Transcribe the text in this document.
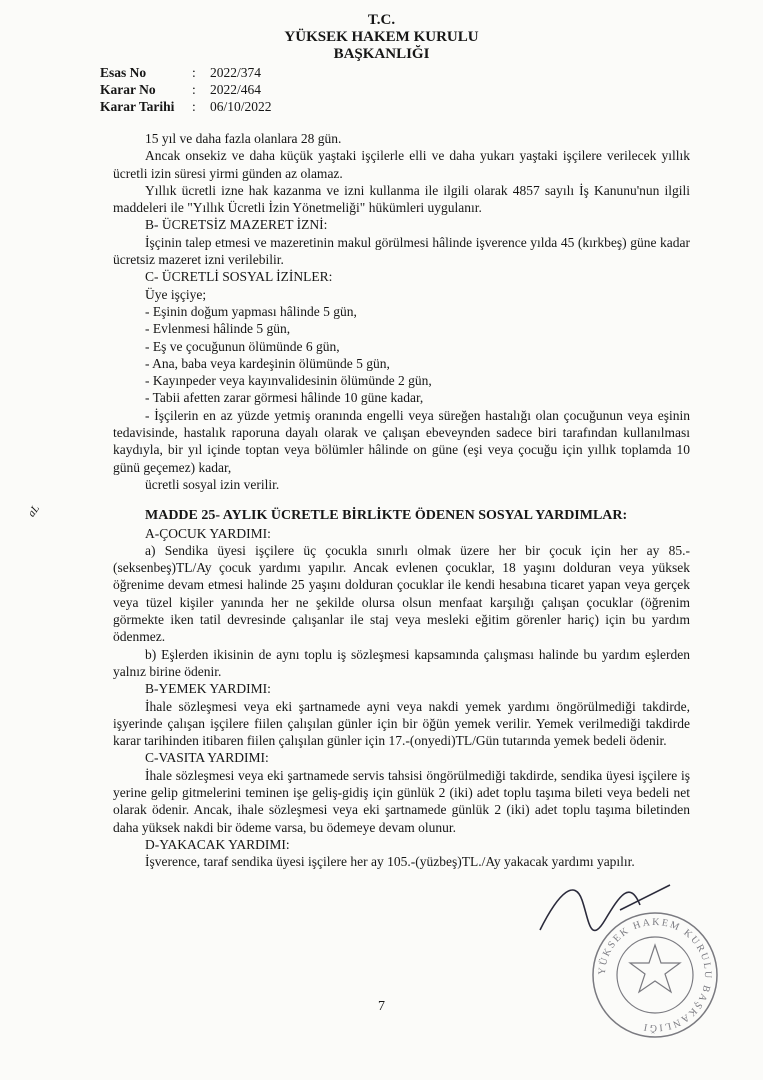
T.C.
YÜKSEK HAKEM KURULU
BAŞKANLIĞI
Esas No	:	2022/374
Karar No	:	2022/464
Karar Tarihi	:	06/10/2022

15 yıl ve daha fazla olanlara 28 gün.

Ancak onsekiz ve daha küçük yaştaki işçilerle elli ve daha yukarı yaştaki işçilere verilecek yıllık ücretli izin süresi yirmi günden az olamaz.

Yıllık ücretli izne hak kazanma ve izni kullanma ile ilgili olarak 4857 sayılı İş Kanunu'nun ilgili maddeleri ile "Yıllık Ücretli İzin Yönetmeliği" hükümleri uygulanır.

B- ÜCRETSİZ MAZERET İZNİ:

İşçinin talep etmesi ve mazeretinin makul görülmesi hâlinde işverence yılda 45 (kırkbeş) güne kadar ücretsiz mazeret izni verilebilir.

C- ÜCRETLİ SOSYAL İZİNLER:

Üye işçiye;

- Eşinin doğum yapması hâlinde 5 gün,

- Evlenmesi hâlinde 5 gün,

- Eş ve çocuğunun ölümünde 6 gün,

- Ana, baba veya kardeşinin ölümünde 5 gün,

- Kayınpeder veya kayınvalidesinin ölümünde 2 gün,

- Tabii afetten zarar görmesi hâlinde 10 güne kadar,

- İşçilerin en az yüzde yetmiş oranında engelli veya süreğen hastalığı olan çocuğunun veya eşinin tedavisinde, hastalık raporuna dayalı olarak ve çalışan ebeveynden sadece biri tarafından kullanılması kaydıyla, bir yıl içinde toptan veya bölümler hâlinde on güne (eşi veya çocuğu için yıllık toplamda 10 günü geçemez) kadar,

ücretli sosyal izin verilir.

MADDE 25- AYLIK ÜCRETLE BİRLİKTE ÖDENEN SOSYAL YARDIMLAR:

A-ÇOCUK YARDIMI:

a) Sendika üyesi işçilere üç çocukla sınırlı olmak üzere her bir çocuk için her ay 85.-(seksenbeş)TL/Ay çocuk yardımı yapılır. Ancak evlenen çocuklar, 18 yaşını dolduran veya yüksek öğrenime devam etmesi halinde 25 yaşını dolduran çocuklar ile kendi hesabına ticaret yapan veya gerçek veya tüzel kişiler yanında her ne şekilde olursa olsun menfaat karşılığı çalışan çocuklar (öğrenim görmekte iken tatil devresinde çalışanlar ile staj veya mesleki eğitim görenler hariç) için bu yardım ödenmez.

b) Eşlerden ikisinin de aynı toplu iş sözleşmesi kapsamında çalışması halinde bu yardım eşlerden yalnız birine ödenir.

B-YEMEK YARDIMI:

İhale sözleşmesi veya eki şartnamede ayni veya nakdi yemek yardımı öngörülmediği takdirde, işyerinde çalışan işçilere fiilen çalışılan günler için bir öğün yemek verilir. Yemek verilmediği takdirde karar tarihinden itibaren fiilen çalışılan günler için 17.-(onyedi)TL/Gün tutarında yemek bedeli ödenir.

C-VASITA YARDIMI:

İhale sözleşmesi veya eki şartnamede servis tahsisi öngörülmediği takdirde, sendika üyesi işçilere iş yerine gelip gitmelerini teminen işe geliş-gidiş için günlük 2 (iki) adet toplu taşıma bileti veya bedeli net olarak ödenir. Ancak, ihale sözleşmesi veya eki şartnamede günlük 2 (iki) adet toplu taşıma biletinden daha yüksek nakdi bir ödeme varsa, bu ödemeye devam olunur.

D-YAKACAK YARDIMI:

İşverence, taraf sendika üyesi işçilere her ay 105.-(yüzbeş)TL./Ay yakacak yardımı yapılır.

aL
YÜKSEK HAKEM KURULU BAŞKANLIĞI
7
